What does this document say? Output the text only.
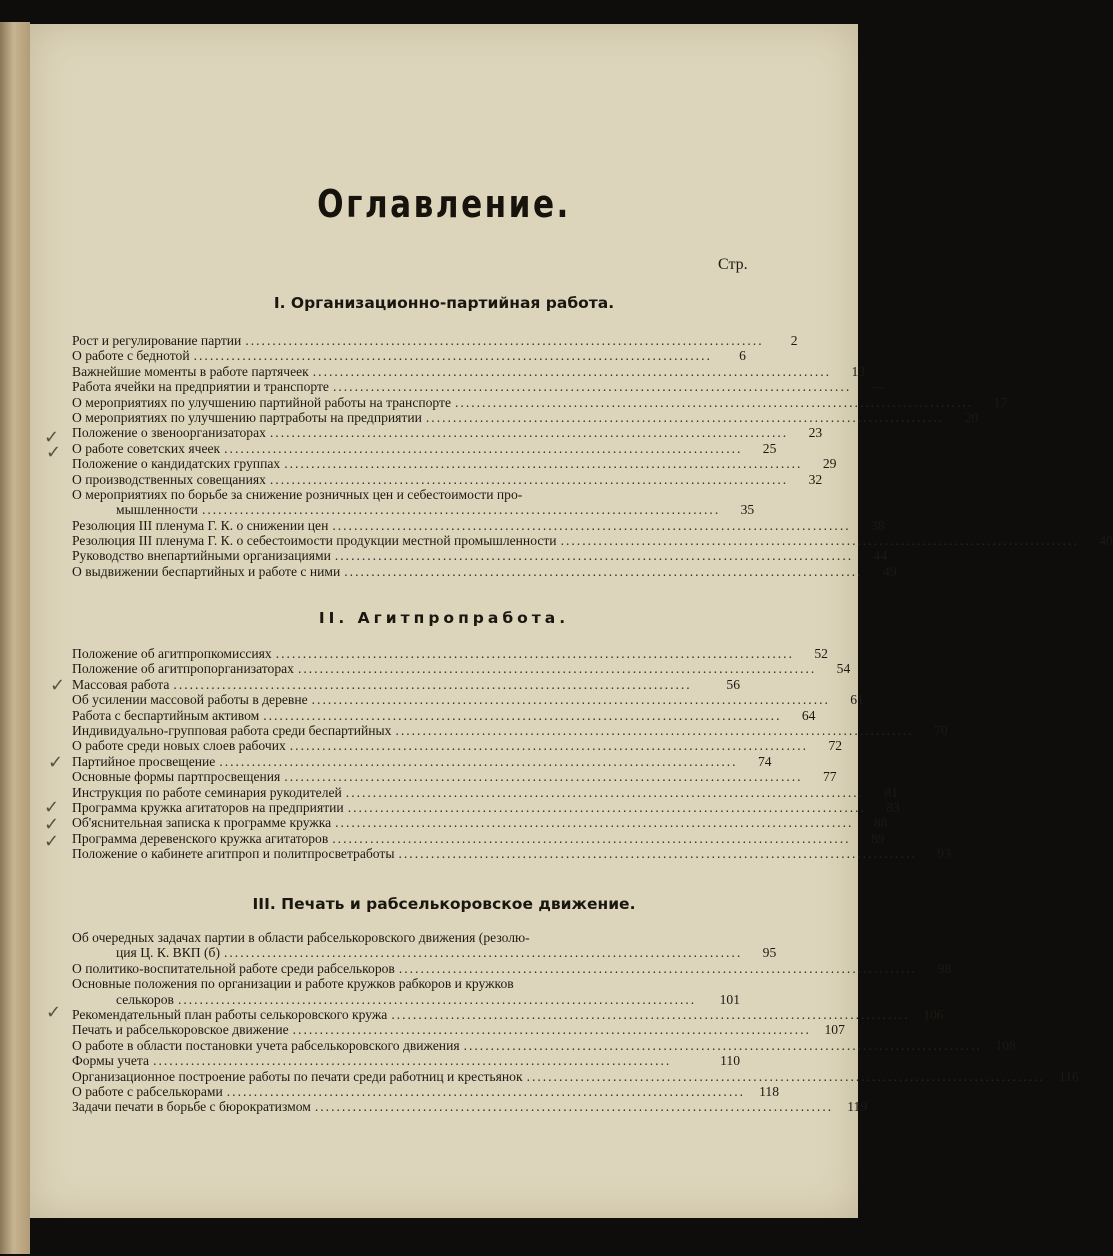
Оглавление.
Стр.
I. Организационно-партийная работа.
Рост и регулирование партии ................................................................................................	2
О работе с беднотой ................................................................................................	6
Важнейшие моменты в работе партячеек ................................................................................................	13
Работа ячейки на предприятии и транспорте ................................................................................................	—
О мероприятиях по улучшению партийной работы на транспорте ................................................................................................	17
О мероприятиях по улучшению партработы на предприятии ................................................................................................	20
Положение о звеноорганизаторах ................................................................................................	23
О работе советских ячеек ................................................................................................	25
Положение о кандидатских группах ................................................................................................	29
О производственных совещаниях ................................................................................................	32
О мероприятиях по борьбе за снижение розничных цен и себестоимости про-
мышленности ................................................................................................	35
Резолюция III пленума Г. К. о снижении цен ................................................................................................	38
Резолюция III пленума Г. К. о себестоимости продукции местной промышленности ................................................................................................	40
Руководство внепартийными организациями ................................................................................................	44
О выдвижении беспартийных и работе с ними ................................................................................................	49
II. Агитпропработа.
Положение об агитпропкомиссиях ................................................................................................	52
Положение об агитпропорганизаторах ................................................................................................	54
Массовая работа ................................................................................................	56
Об усилении массовой работы в деревне ................................................................................................	61
Работа с беспартийным активом ................................................................................................	64
Индивидуально-групповая работа среди беспартийных ................................................................................................	70
О работе среди новых слоев рабочих ................................................................................................	72
Партийное просвещение ................................................................................................	74
Основные формы партпросвещения ................................................................................................	77
Инструкция по работе семинария рукодителей ................................................................................................	81
Программа кружка агитаторов на предприятии ................................................................................................	83
Об'яснительная записка к программе кружка ................................................................................................	88
Программа деревенского кружка агитаторов ................................................................................................	89
Положение о кабинете агитпроп и политпросветработы ................................................................................................	93
III. Печать и рабселькоровское движение.
Об очередных задачах партии в области рабселькоровского движения (резолю-
ция Ц. К. ВКП (б) ................................................................................................	95
О политико-воспитательной работе среди рабселькоров ................................................................................................	98
Основные положения по организации и работе кружков рабкоров и кружков
селькоров ................................................................................................	101
Рекомендательный план работы селькоровского кружа ................................................................................................	106
Печать и рабселькоровское движение ................................................................................................	107
О работе в области постановки учета рабселькоровского движения ................................................................................................	108
Формы учета ................................................................................................	110
Организационное построение работы по печати среди работниц и крестьянок ................................................................................................	116
О работе с рабселькорами ................................................................................................	118
Задачи печати в борьбе с бюрократизмом ................................................................................................	119
✓
✓
✓
✓
✓
✓
✓
✓
